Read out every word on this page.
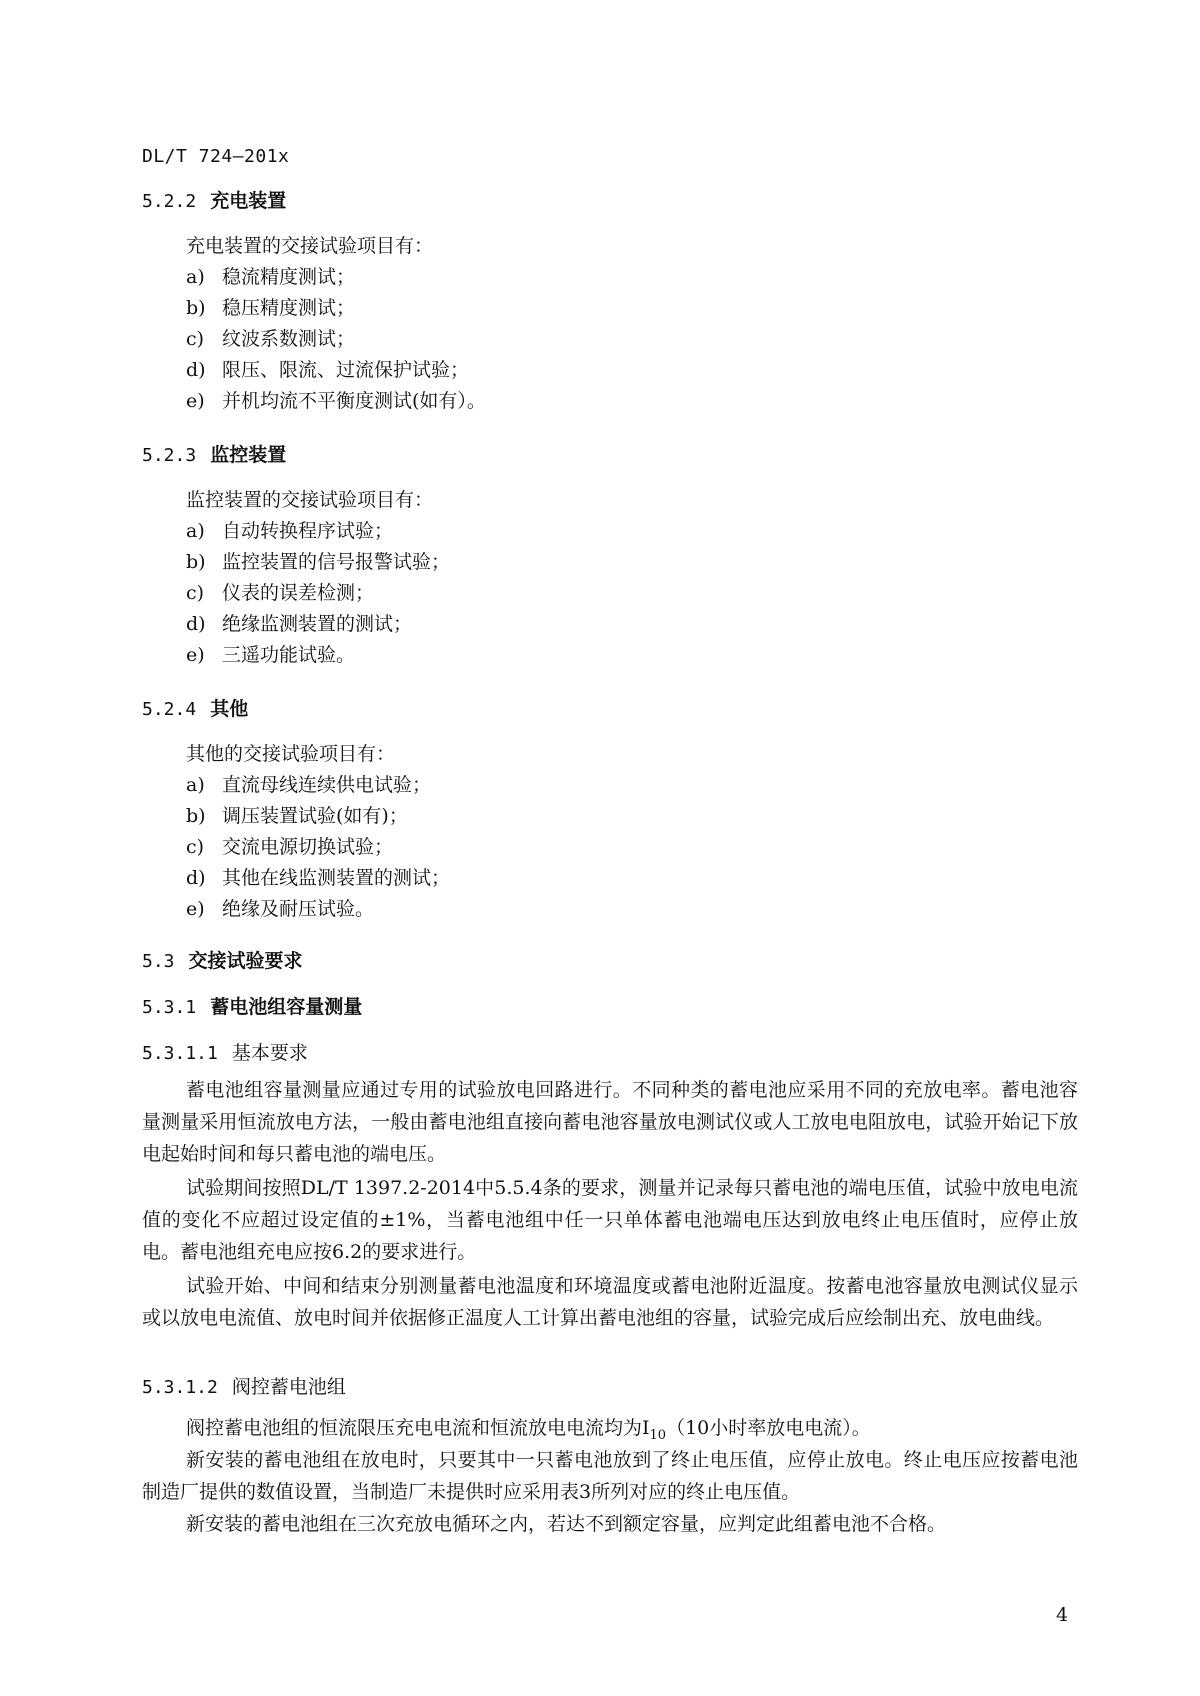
DL/T 724—201x
5.2.2 充电装置
充电装置的交接试验项目有：
a) 稳流精度测试；
b) 稳压精度测试；
c) 纹波系数测试；
d) 限压、限流、过流保护试验；
e) 并机均流不平衡度测试(如有）。
5.2.3 监控装置
监控装置的交接试验项目有：
a) 自动转换程序试验；
b) 监控装置的信号报警试验；
c) 仪表的误差检测；
d) 绝缘监测装置的测试；
e) 三遥功能试验。
5.2.4 其他
其他的交接试验项目有：
a) 直流母线连续供电试验；
b) 调压装置试验(如有)；
c) 交流电源切换试验；
d) 其他在线监测装置的测试；
e) 绝缘及耐压试验。
5.3 交接试验要求
5.3.1 蓄电池组容量测量
5.3.1.1 基本要求
蓄电池组容量测量应通过专用的试验放电回路进行。不同种类的蓄电池应采用不同的充放电率。蓄电池容量测量采用恒流放电方法，一般由蓄电池组直接向蓄电池容量放电测试仪或人工放电电阻放电，试验开始记下放电起始时间和每只蓄电池的端电压。
试验期间按照DL/T 1397.2-2014中5.5.4条的要求，测量并记录每只蓄电池的端电压值，试验中放电电流值的变化不应超过设定值的±1%，当蓄电池组中任一只单体蓄电池端电压达到放电终止电压值时，应停止放电。蓄电池组充电应按6.2的要求进行。
试验开始、中间和结束分别测量蓄电池温度和环境温度或蓄电池附近温度。按蓄电池容量放电测试仪显示或以放电电流值、放电时间并依据修正温度人工计算出蓄电池组的容量，试验完成后应绘制出充、放电曲线。
5.3.1.2 阀控蓄电池组
阀控蓄电池组的恒流限压充电电流和恒流放电电流均为$I_{10}(10$小时率放电电流）。
新安装的蓄电池组在放电时，只要其中一只蓄电池放到了终止电压值，应停止放电。终止电压应按蓄电池制造厂提供的数值设置，当制造厂未提供时应采用表3所列对应的终止电压值。
新安装的蓄电池组在三次充放电循环之内，若达不到额定容量，应判定此组蓄电池不合格。
4
